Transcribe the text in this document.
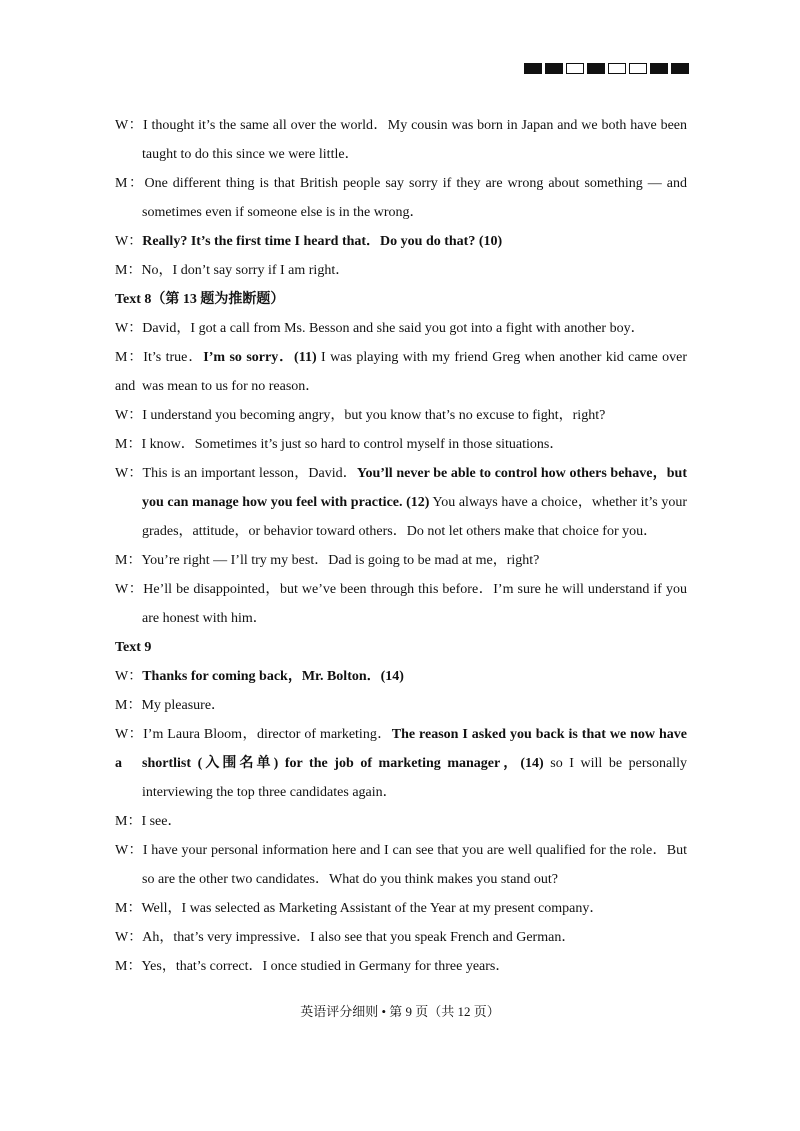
W：I thought it’s the same all over the world．My cousin was born in Japan and we both have been
taught to do this since we were little．
M：One different thing is that British people say sorry if they are wrong about something — and
sometimes even if someone else is in the wrong．
W：Really? It’s the first time I heard that．Do you do that? (10)
M：No，I don’t say sorry if I am right．
Text 8（第 13 题为推断题）
W：David，I got a call from Ms. Besson and she said you got into a fight with another boy．
M：It’s true．I’m so sorry．(11) I was playing with my friend Greg when another kid came over and was mean to us for no reason．
W：I understand you becoming angry，but you know that’s no excuse to fight，right?
M：I know．Sometimes it’s just so hard to control myself in those situations．
W：This is an important lesson，David．You’ll never be able to control how others behave，but
you can manage how you feel with practice. (12) You always have a choice，whether it’s your
grades，attitude，or behavior toward others．Do not let others make that choice for you．
M：You’re right — I’ll try my best．Dad is going to be mad at me，right?
W：He’ll be disappointed，but we’ve been through this before．I’m sure he will understand if you
are honest with him．
Text 9
W：Thanks for coming back，Mr. Bolton．(14)
M：My pleasure．
W：I’m Laura Bloom，director of marketing．The reason I asked you back is that we now have a	shortlist (入围名单) for the job of marketing manager，(14) so I will be personally
interviewing the top three candidates again．
M：I see．
W：I have your personal information here and I can see that you are well qualified for the role．But
so are the other two candidates．What do you think makes you stand out?
M：Well，I was selected as Marketing Assistant of the Year at my present company．
W：Ah，that’s very impressive．I also see that you speak French and German．
M：Yes，that’s correct．I once studied in Germany for three years．
英语评分细则 • 第 9 页（共 12 页）
